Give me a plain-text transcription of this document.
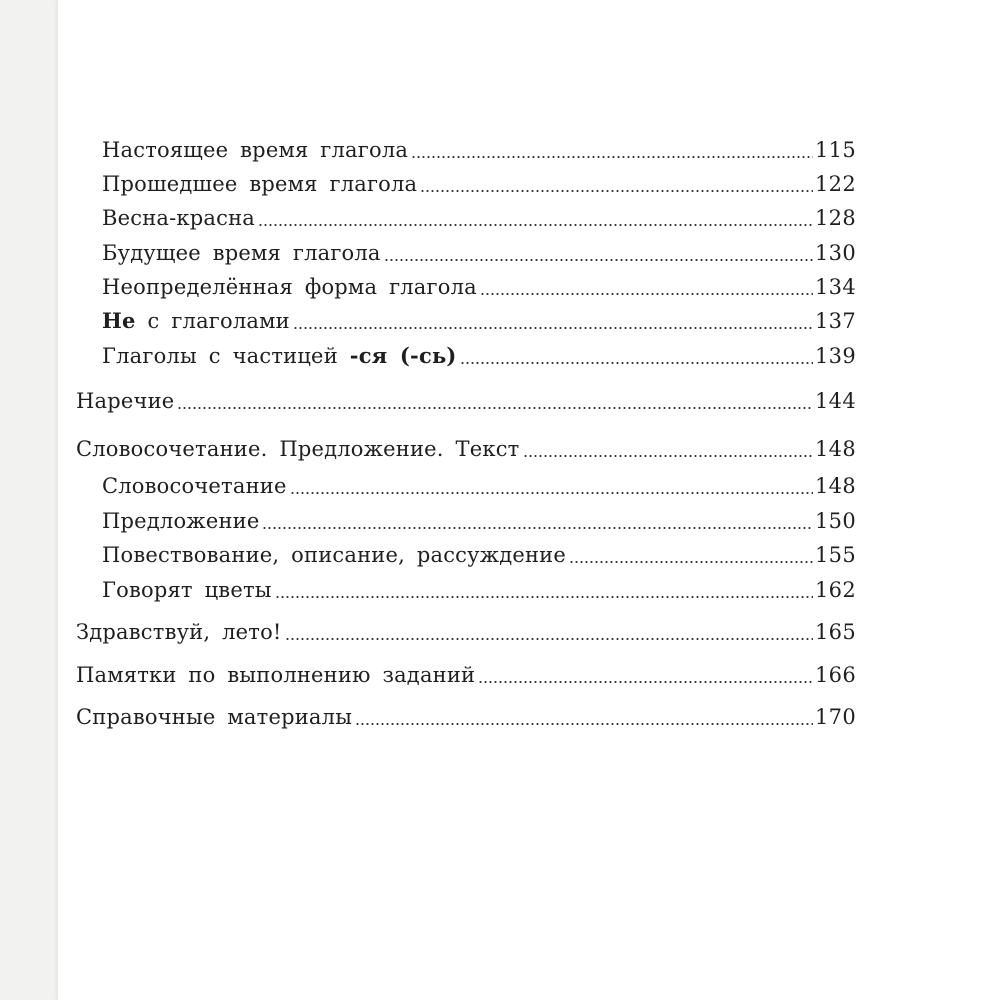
Настоящее время глагола	115
Прошедшее время глагола	122
Весна-красна	128
Будущее время глагола	130
Неопределённая форма глагола	134
Не с глаголами	137
Глаголы с частицей -ся (-сь)	139
Наречие	144
Словосочетание. Предложение. Текст	148
Словосочетание	148
Предложение	150
Повествование, описание, рассуждение	155
Говорят цветы	162
Здравствуй, лето!	165
Памятки по выполнению заданий	166
Справочные материалы	170
